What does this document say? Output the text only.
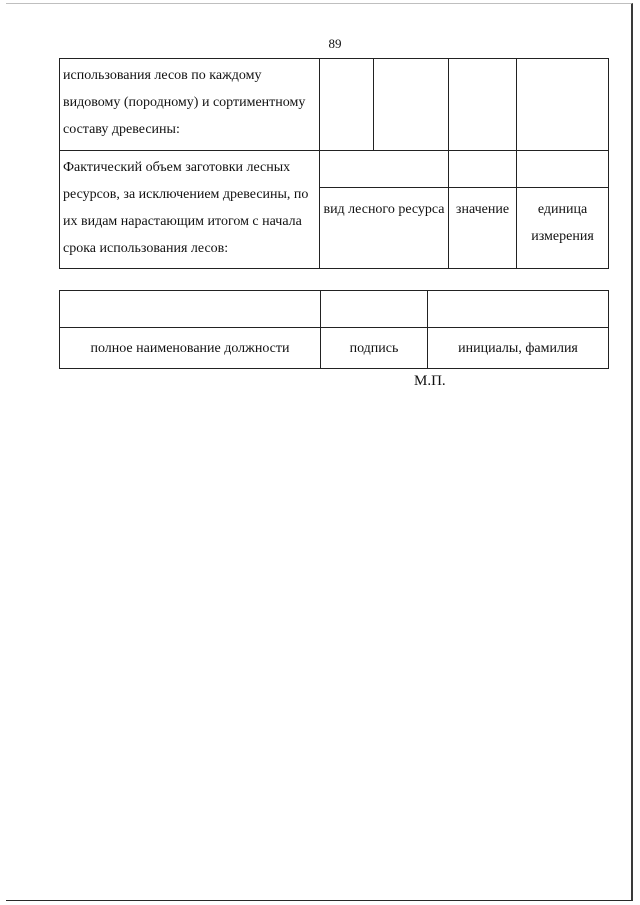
89
использования лесов по каждому видовому (породному) и сортиментному составу древесины:				
Фактический объем заготовки лесных ресурсов, за исключением древесины, по их видам нарастающим итогом с начала срока использования лесов:				
	вид лесного ресурса		значение	единица измерения

полное наименование должности	подпись	инициалы, фамилия
М.П.
